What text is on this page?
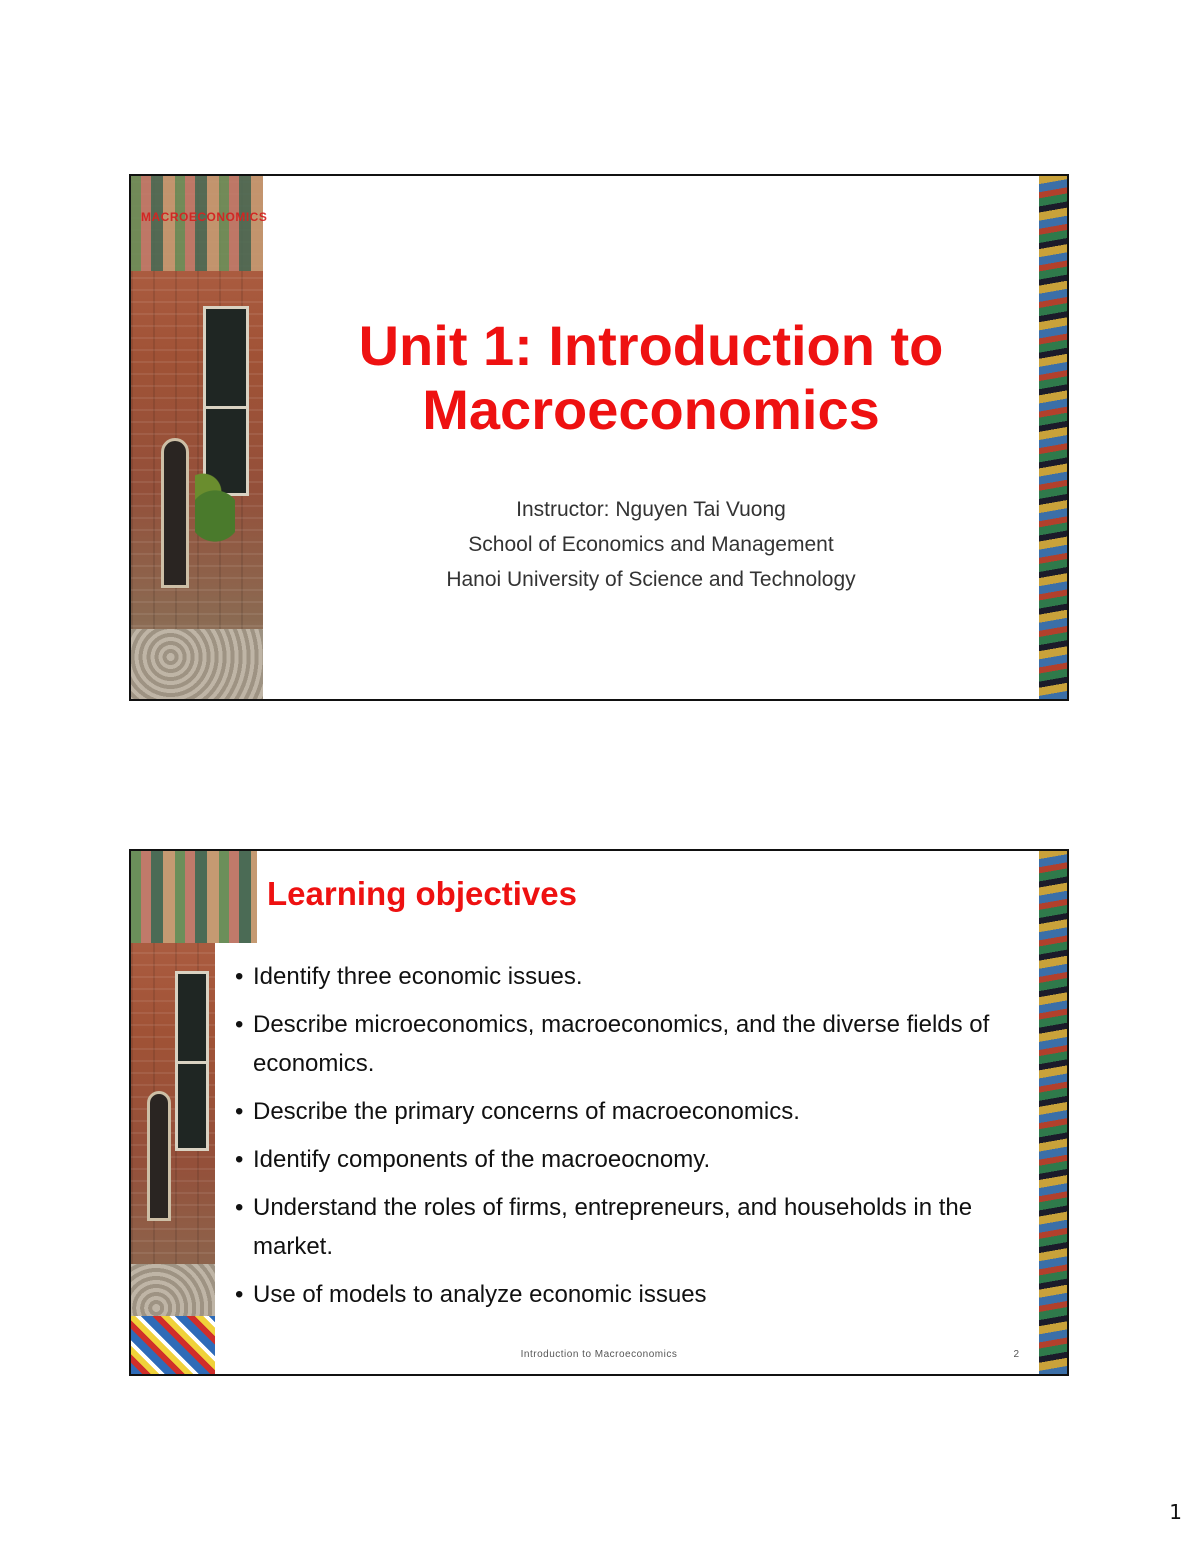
MACROECONOMICS
Unit 1: Introduction to
Macroeconomics
Instructor: Nguyen Tai Vuong
School of Economics and Management
Hanoi University of Science and Technology
Learning objectives
• Identify three economic issues.
• Describe microeconomics, macroeconomics, and the diverse fields of economics.
• Describe the primary concerns of macroeconomics.
• Identify components of the macroeocnomy.
• Understand the roles of firms, entrepreneurs, and households in the market.
• Use of models to analyze economic issues
Introduction to Macroeconomics	2
1
